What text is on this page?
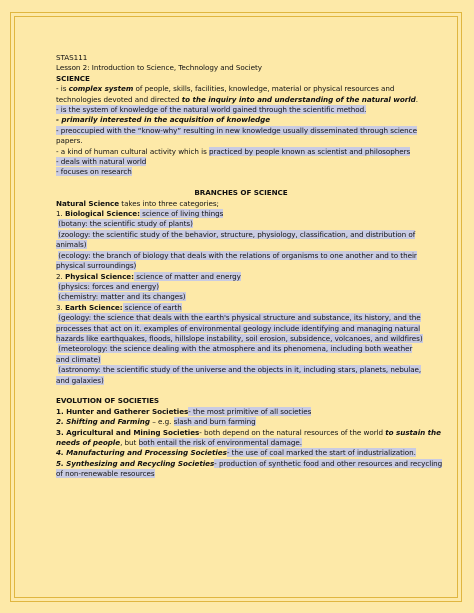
STAS111
Lesson 2: Introduction to Science, Technology and Society
SCIENCE
- is complex system of people, skills, facilities, knowledge, material or physical resources and
technologies devoted and directed to the inquiry into and understanding of the natural world.
- is the system of knowledge of the natural world gained through the scientific method.
- primarily interested in the acquisition of knowledge
- preoccupied with the “know-why” resulting in new knowledge usually disseminated through science
papers.
- a kind of human cultural activity which is practiced by people known as scientist and philosophers
- deals with natural world
- focuses on research
BRANCHES OF SCIENCE
Natural Science takes into three categories;
1. Biological Science: science of living things
(botany: the scientific study of plants)
(zoology: the scientific study of the behavior, structure, physiology, classification, and distribution of
animals)
(ecology: the branch of biology that deals with the relations of organisms to one another and to their
physical surroundings)
2. Physical Science: science of matter and energy
(physics: forces and energy)
(chemistry: matter and its changes)
3. Earth Science: science of earth
(geology: the science that deals with the earth's physical structure and substance, its history, and the
processes that act on it. examples of environmental geology include identifying and managing natural
hazards like earthquakes, floods, hillslope instability, soil erosion, subsidence, volcanoes, and wildfires)
(meteorology: the science dealing with the atmosphere and its phenomena, including both weather
and climate)
(astronomy: the scientific study of the universe and the objects in it, including stars, planets, nebulae,
and galaxies)
EVOLUTION OF SOCIETIES
1. Hunter and Gatherer Societies- the most primitive of all societies
2. Shifting and Farming – e.g. slash and burn farming
3. Agricultural and Mining Societies- both depend on the natural resources of the world to sustain the
needs of people, but both entail the risk of environmental damage.
4. Manufacturing and Processing Societies- the use of coal marked the start of industrialization.
5. Synthesizing and Recycling Societies- production of synthetic food and other resources and recycling
of non-renewable resources
